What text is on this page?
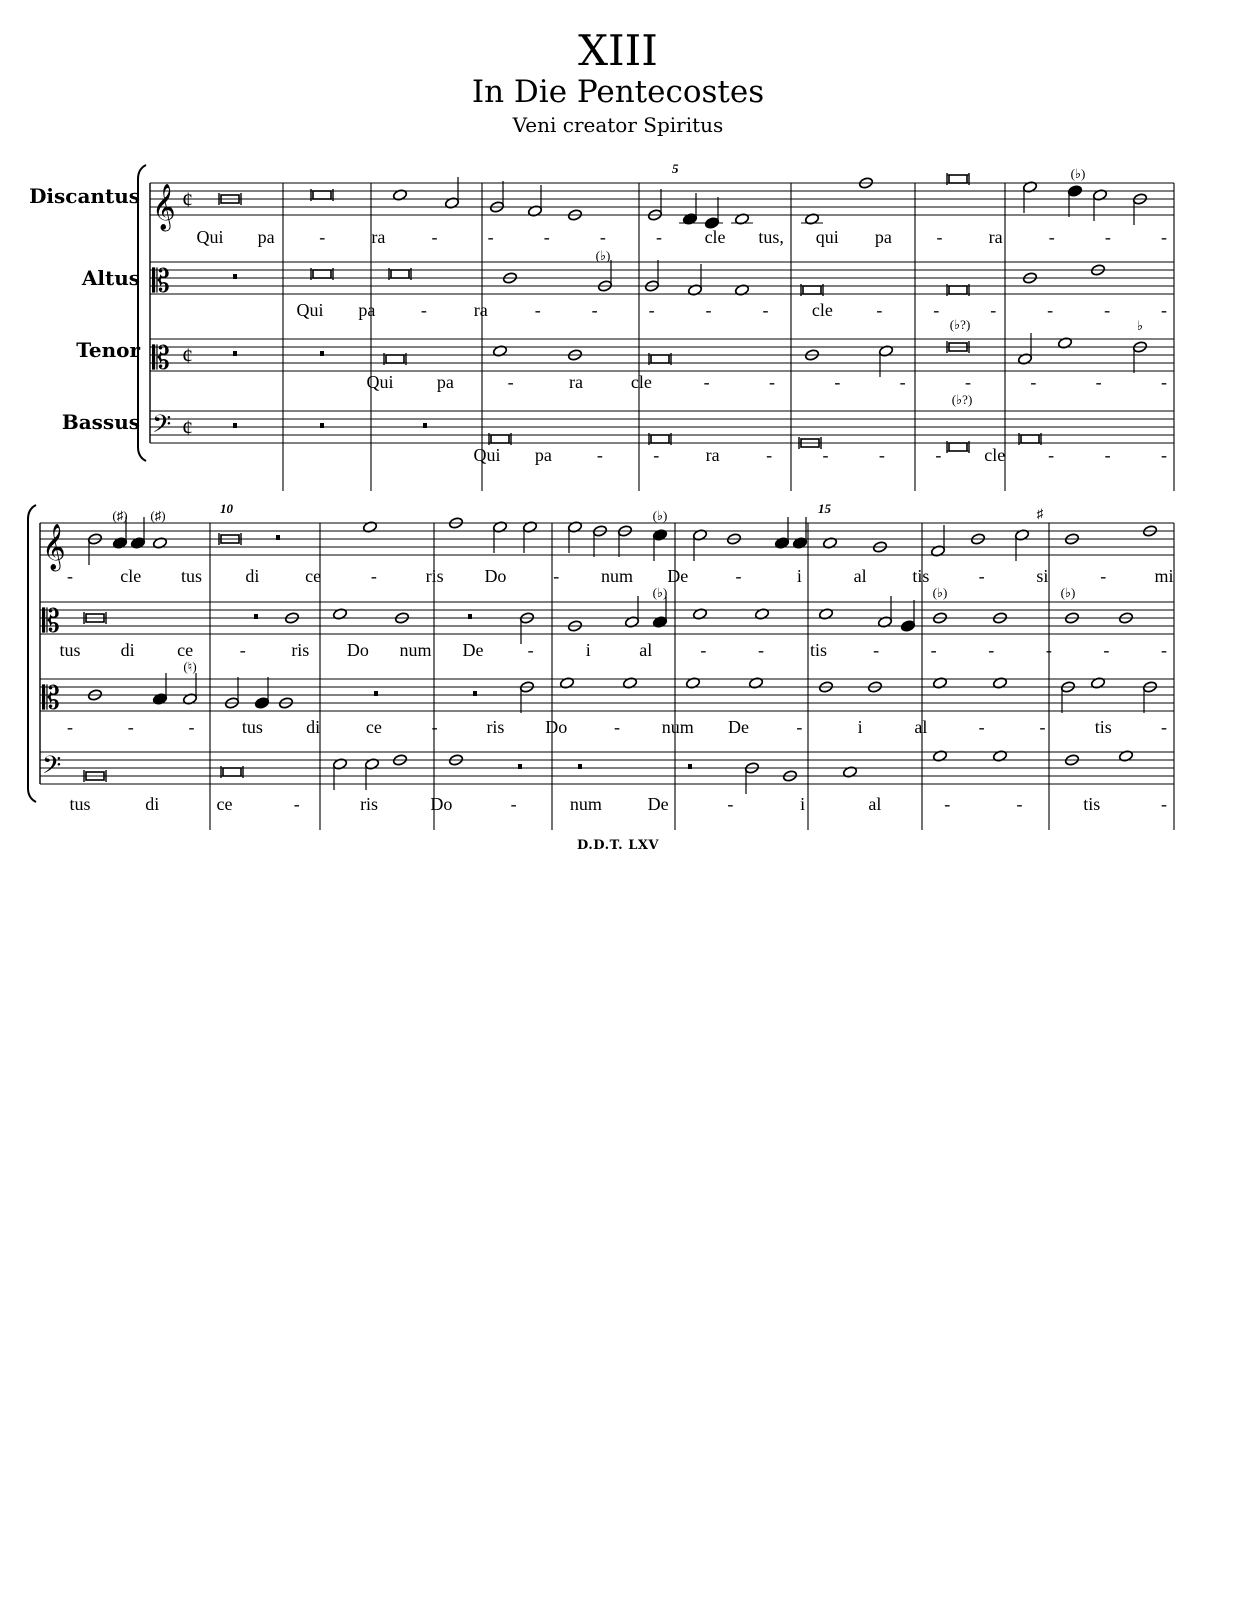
XIII
In Die Pentecostes
Veni creator Spiritus
Discantus
Altus
Tenor
Bassus
𝄞 ¢
𝄡
𝄡 ¢
𝄢 ¢
Qui pa -	ra	-	-	-	-	- cle tus, qui pa -	ra	-	-	-
Qui pa	-	ra	-	-	-	-	- cle -	-	-	-	-	-
Qui pa	-	ra	cle	-	-	-	-	-	-	-	-
Qui pa -	-	ra	-	-	-	- cle -	-	-
5
(♭)
(♭)
(♭?)	♭
(♭?)
𝄞
𝄡
𝄡
𝄢
-	cle tus di	ce	-	ris Do	- num De	-	i	al	tis	-	si	-	mi
tus di ce	-	ris Do num De -	i	al	-	-	tis	-	-	-	-	-	-
-	-	-	tus di	ce	-	ris Do	- num De	-	i	al	-	-	tis	-
tus	di	ce	-	ris	Do	-	num	De	-	i	al	-	-	tis	-
10	15
(♯) (♯)	(♭)
(♭)	(♭)	(♭)
♯
(♮)
D.D.T. LXV
